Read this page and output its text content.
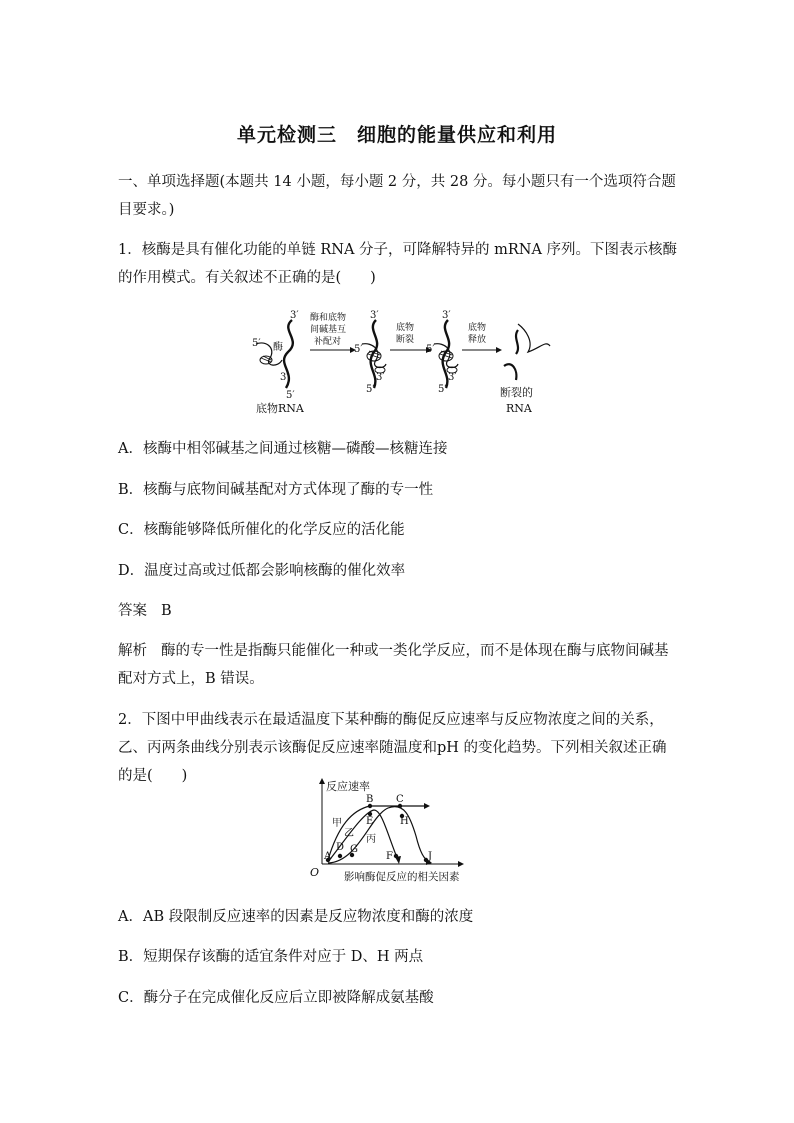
单元检测三　细胞的能量供应和利用
一、单项选择题(本题共 14 小题，每小题 2 分，共 28 分。每小题只有一个选项符合题目要求。)
1．核酶是具有催化功能的单链 RNA 分子，可降解特异的 mRNA 序列。下图表示核酶的作用模式。有关叙述不正确的是(　　)
3′
5′
3′
5′
酶
底物RNA
酶和底物
间碱基互
补配对
3′
5′
3′
5′
底物
断裂
3′
5′
3′
5′
底物
释放
断裂的
RNA
A．核酶中相邻碱基之间通过核糖—磷酸—核糖连接
B．核酶与底物间碱基配对方式体现了酶的专一性
C．核酶能够降低所催化的化学反应的活化能
D．温度过高或过低都会影响核酶的催化效率
答案 B
解析 酶的专一性是指酶只能催化一种或一类化学反应，而不是体现在酶与底物间碱基配对方式上，B 错误。
2．下图中甲曲线表示在最适温度下某种酶的酶促反应速率与反应物浓度之间的关系，乙、丙两条曲线分别表示该酶促反应速率随温度和pH 的变化趋势。下列相关叙述正确的是(　　)
反应速率
O 影响酶促反应的相关因素
甲
乙
丙
A
B C
D
E
F
G
H
J
A．AB 段限制反应速率的因素是反应物浓度和酶的浓度
B．短期保存该酶的适宜条件对应于 D、H 两点
C．酶分子在完成催化反应后立即被降解成氨基酸
